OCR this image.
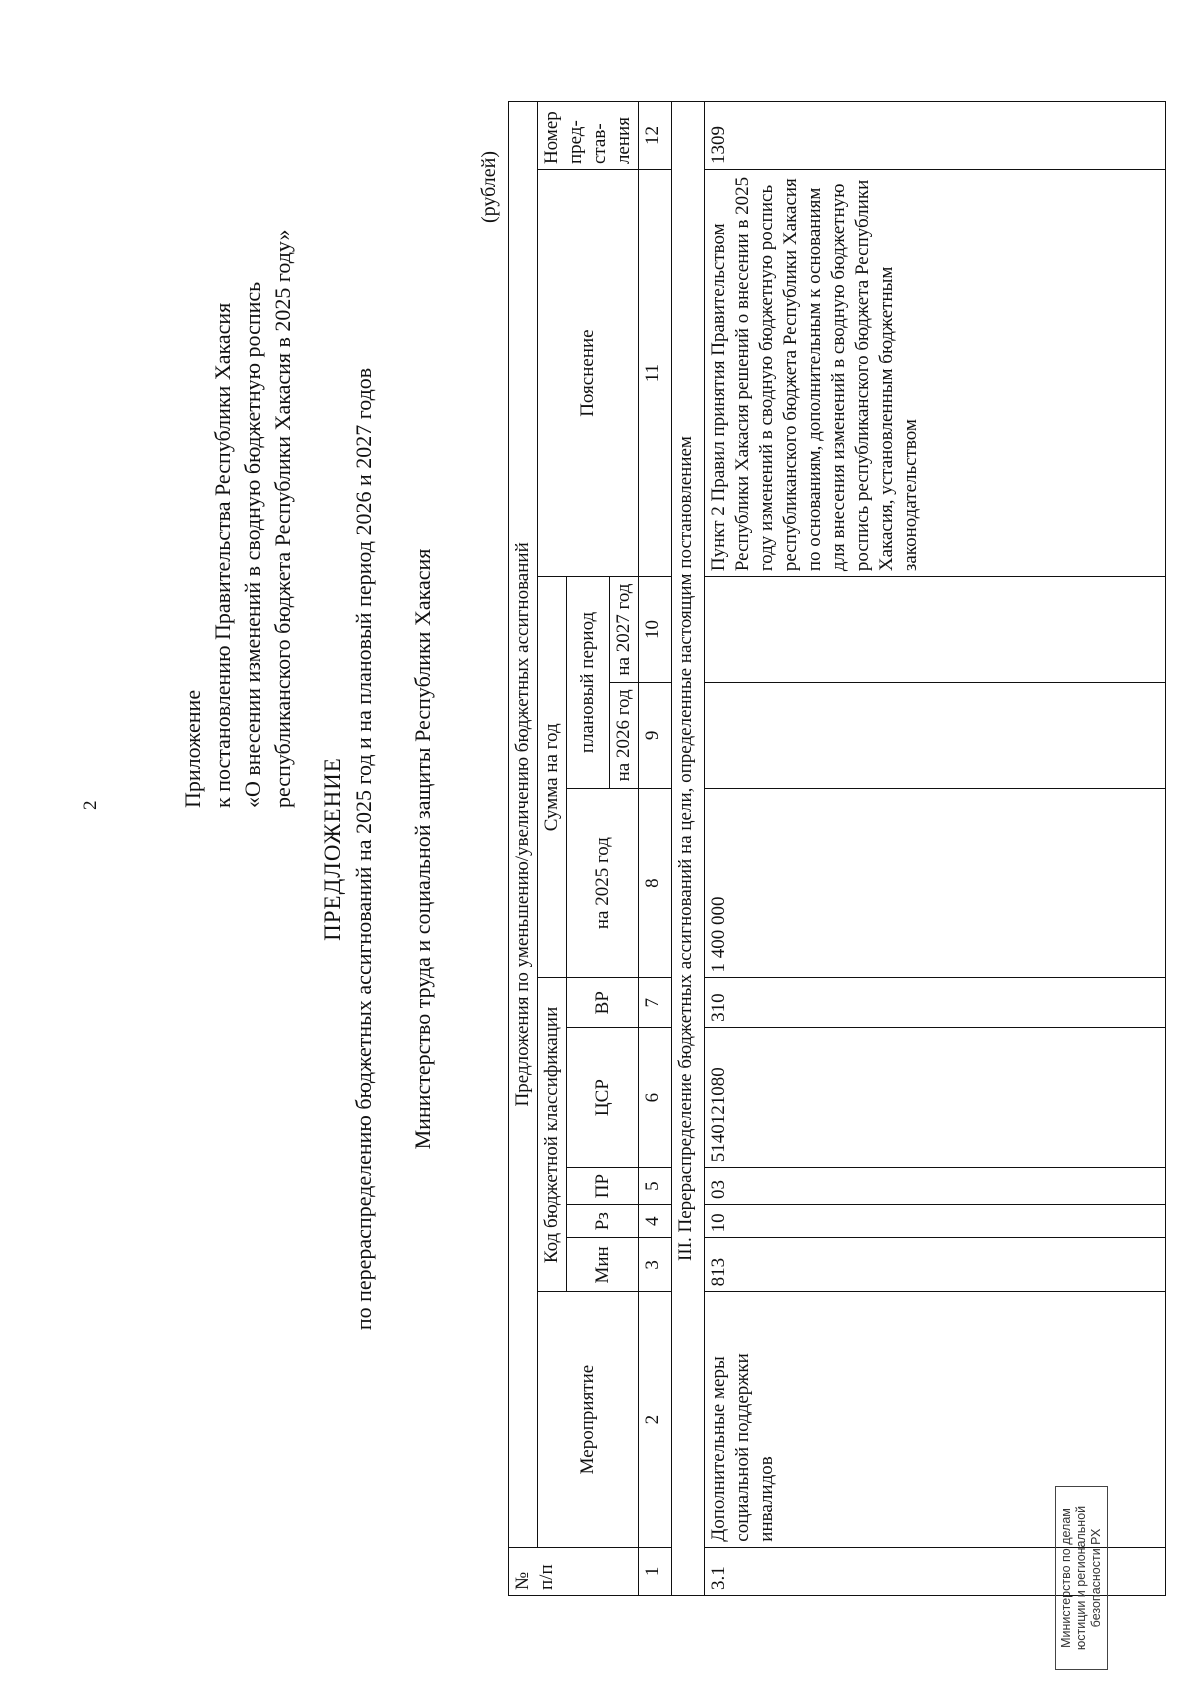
2	Приложение к постановлению Правительства Республики Хакасия «О внесении изменений в сводную бюджетную роспись республиканского бюджета Республики Хакасия в 2025 году»
ПРЕДЛОЖЕНИЕ по перераспределению бюджетных ассигнований на 2025 год и на плановый период 2026 и 2027 годов Министерство труда и социальной защиты Республики Хакасия
(рублей)
№ п/п	Предложения по уменьшению/увеличению бюджетных ассигнований										
	Мероприятие	Код бюджетной классификации					Сумма на год			Пояснение	Номер пред-став-ления
		Мин	Рз	ПР	ЦСР	ВР	на 2025 год	плановый период			
								на 2026 год	на 2027 год		
1	2	3	4	5	6	7	8	9	10	11	12
III. Перераспределение бюджетных ассигнований на цели, определенные настоящим постановлением											
3.1	Дополнительные меры социальной поддержки инвалидов	813	10	03	5140121080	310	1 400 000			Пункт 2 Правил принятия Правительством Республики Хакасия решений о внесении в 2025 году изменений в сводную бюджетную роспись республиканского бюджета Республики Хакасия по основаниям, дополнительным к основаниям для внесения изменений в сводную бюджетную роспись республиканского бюджета Республики Хакасия, установленным бюджетным законодательством	1309
Министерство по делам юстиции и региональной безопасности РХ
